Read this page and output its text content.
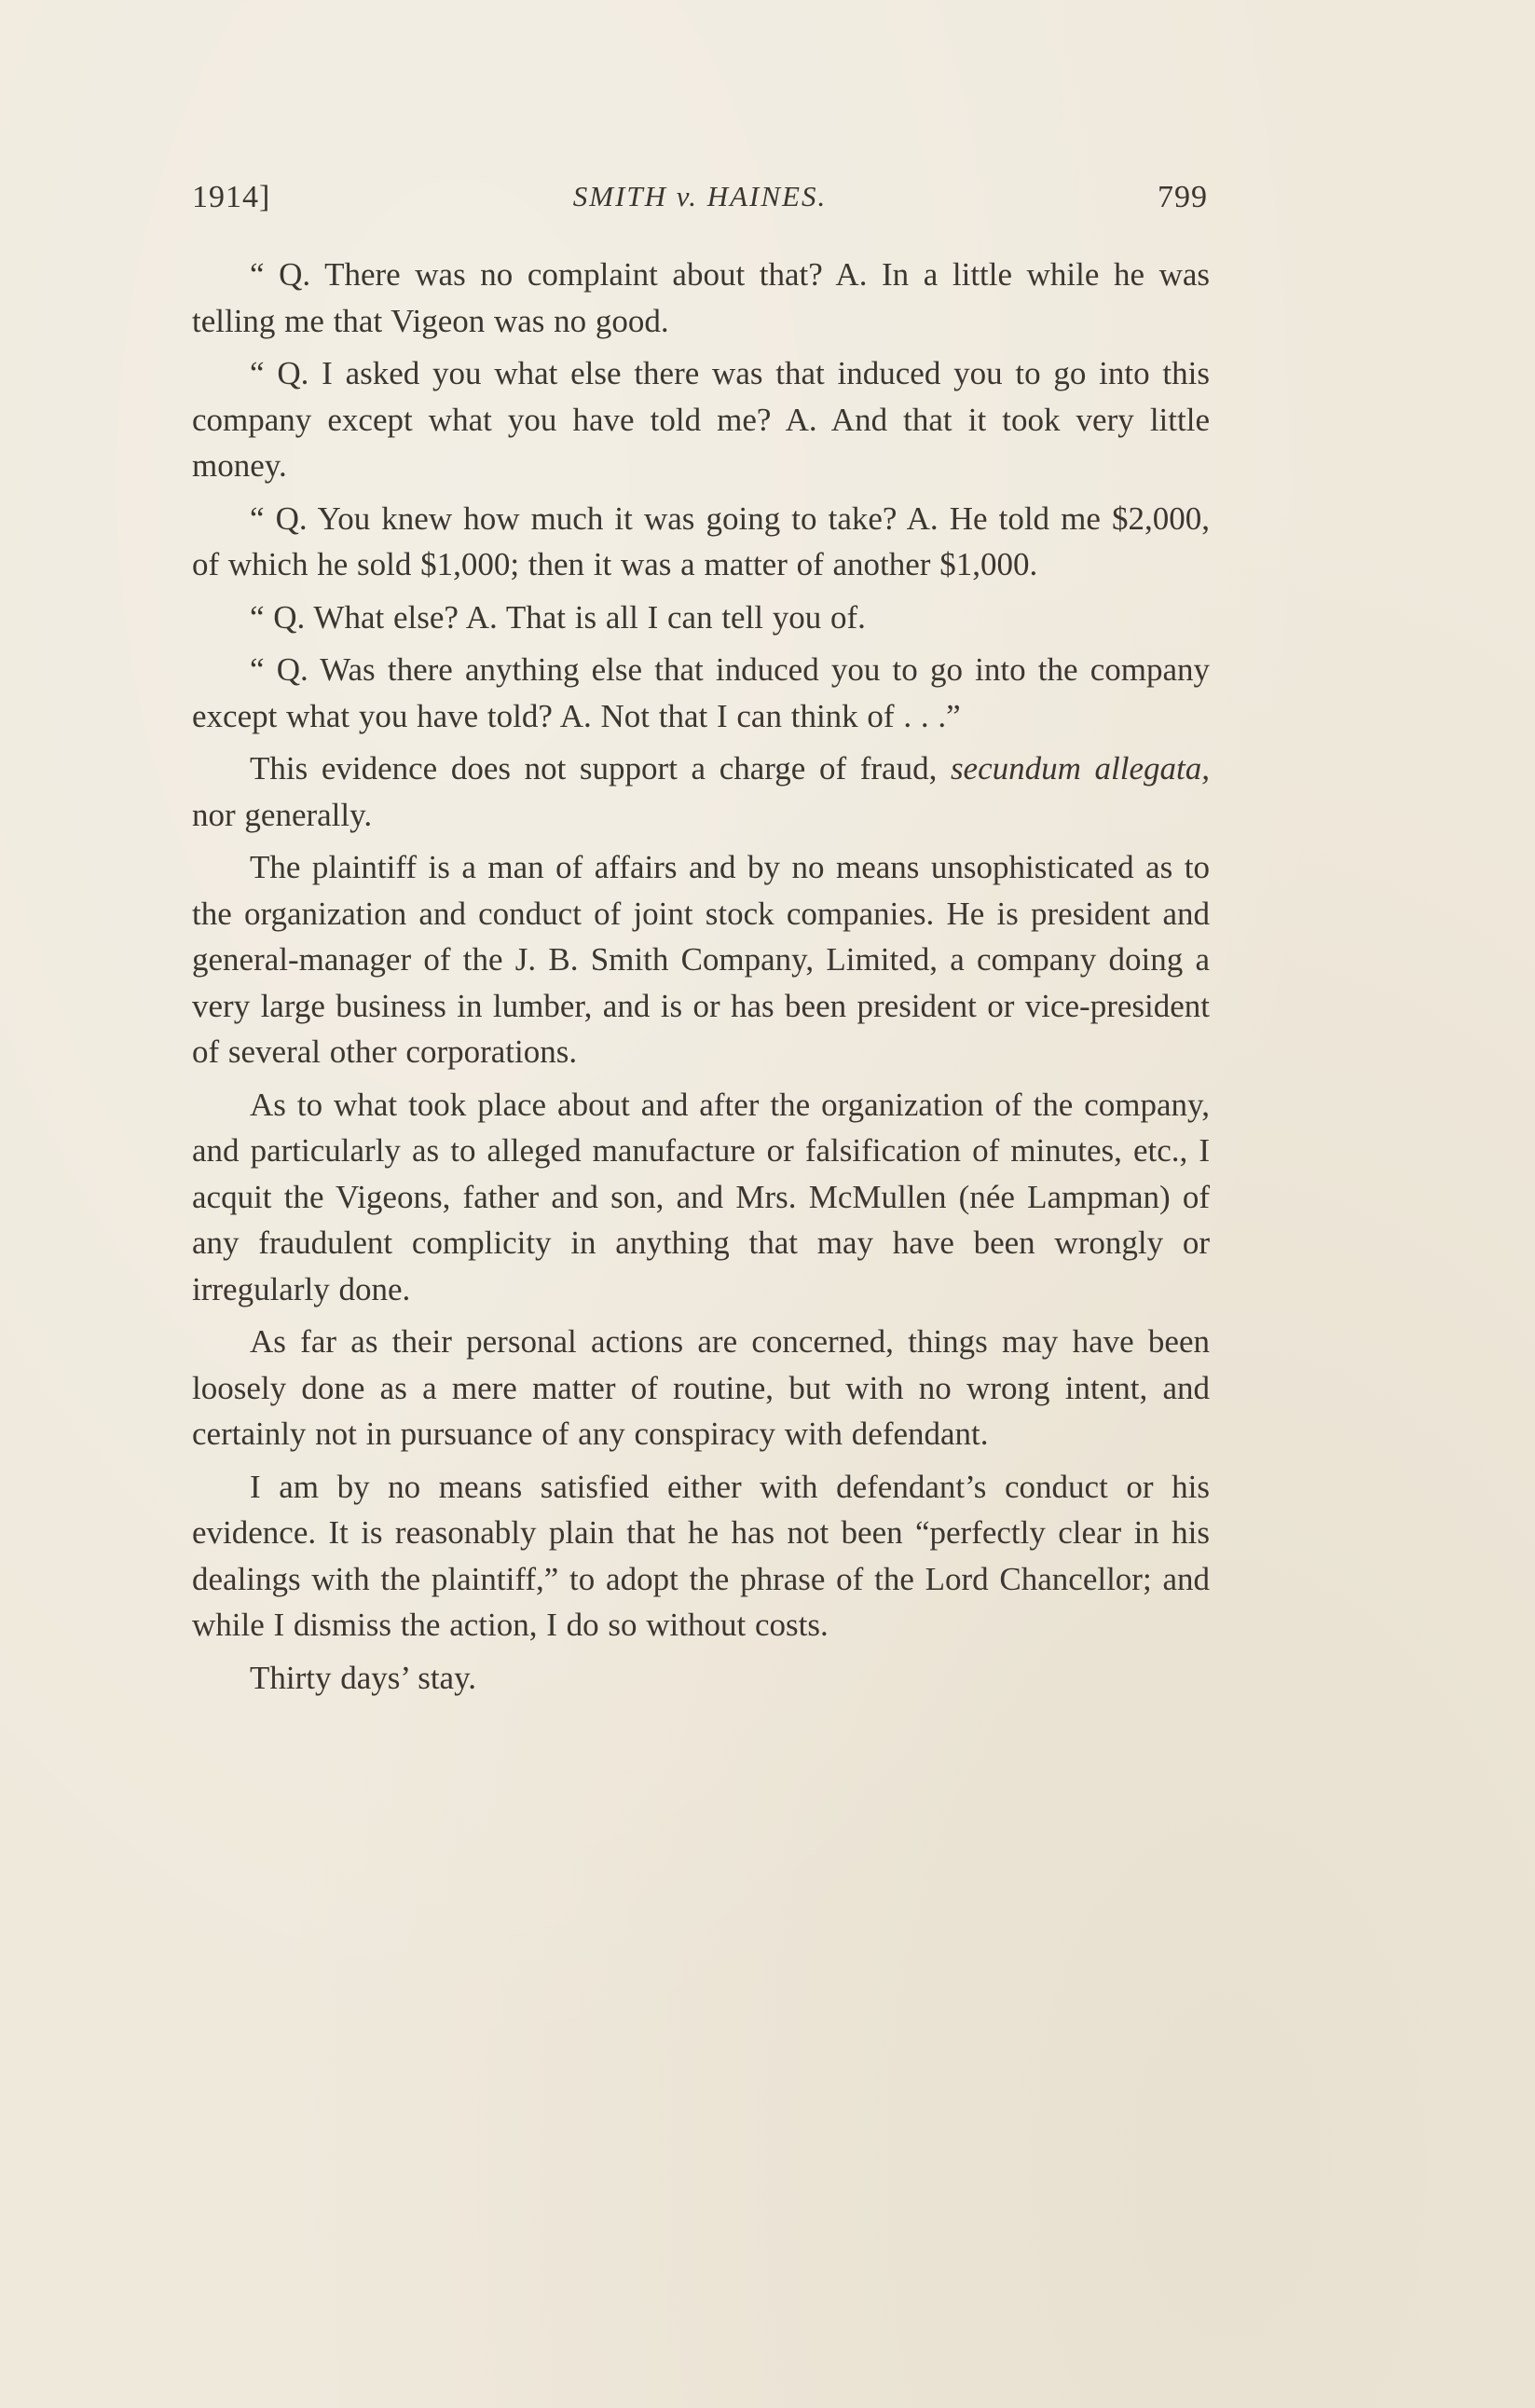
1914]	SMITH v. HAINES.	799

“ Q. There was no complaint about that? A. In a little while he was telling me that Vigeon was no good.

“ Q. I asked you what else there was that induced you to go into this company except what you have told me? A. And that it took very little money.

“ Q. You knew how much it was going to take? A. He told me $2,000, of which he sold $1,000; then it was a matter of another $1,000.

“ Q. What else? A. That is all I can tell you of.

“ Q. Was there anything else that induced you to go into the company except what you have told? A. Not that I can think of . . .”

This evidence does not support a charge of fraud, secundum allegata, nor generally.

The plaintiff is a man of affairs and by no means unsophisticated as to the organization and conduct of joint stock companies. He is president and general-manager of the J. B. Smith Company, Limited, a company doing a very large business in lumber, and is or has been president or vice-president of several other corporations.

As to what took place about and after the organization of the company, and particularly as to alleged manufacture or falsification of minutes, etc., I acquit the Vigeons, father and son, and Mrs. McMullen (née Lampman) of any fraudulent complicity in anything that may have been wrongly or irregularly done.

As far as their personal actions are concerned, things may have been loosely done as a mere matter of routine, but with no wrong intent, and certainly not in pursuance of any conspiracy with defendant.

I am by no means satisfied either with defendant’s conduct or his evidence. It is reasonably plain that he has not been “perfectly clear in his dealings with the plaintiff,” to adopt the phrase of the Lord Chancellor; and while I dismiss the action, I do so without costs.

Thirty days’ stay.
